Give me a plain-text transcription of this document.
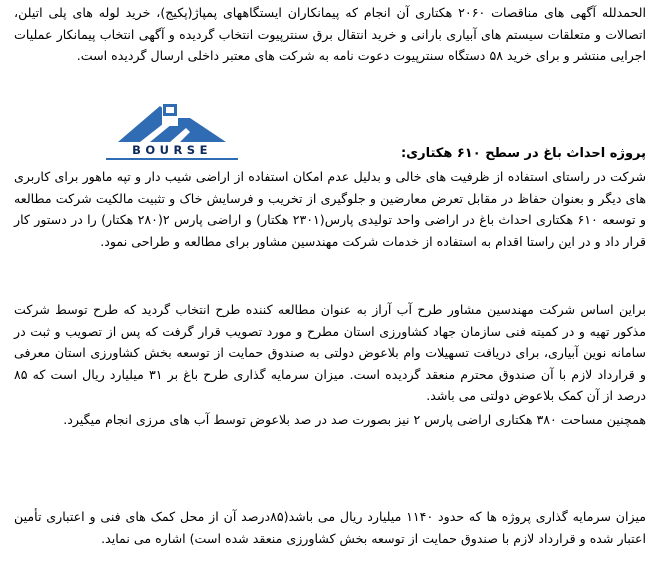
الحمدلله آگهی های مناقصات ۲۰۶۰ هکتاری آن انجام که پیمانکاران ایستگاههای پمپاژ(پکیج)، خرید لوله های پلی اتیلن، اتصالات و متعلقات سیستم های آبیاری بارانی و خرید انتقال برق سنترپیوت انتخاب گردیده و آگهی انتخاب پیمانکار عملیات اجرایی منتشر و برای خرید ۵۸ دستگاه سنترپیوت دعوت نامه به شرکت های معتبر داخلی ارسال گردیده است.
پروژه احداث باغ در سطح ۶۱۰ هکتاری:
شرکت در راستای استفاده از ظرفیت های خالی و بدلیل عدم امکان استفاده از اراضی شیب دار و تپه ماهور برای کاربری های دیگر و بعنوان حفاظ در مقابل تعرض معارضین و جلوگیری از تخریب و فرسایش خاک و تثبیت مالکیت شرکت مطالعه و توسعه ۶۱۰ هکتاری احداث باغ در اراضی واحد تولیدی پارس(۲۳۰۱ هکتار) و اراضی پارس ۲(۲۸۰ هکتار) را در دستور کار قرار داد و در این راستا اقدام به استفاده از خدمات شرکت مهندسین مشاور برای مطالعه و طراحی نمود.
براین اساس شرکت مهندسین مشاور طرح آب آراز به عنوان مطالعه کننده طرح انتخاب گردید که طرح توسط شرکت مذکور تهیه و در کمیته فنی سازمان جهاد کشاورزی استان مطرح و مورد تصویب قرار گرفت که پس از تصویب و ثبت در سامانه نوین آبیاری، برای دریافت تسهیلات وام بلاعوض دولتی به صندوق حمایت از توسعه بخش کشاورزی استان معرفی و قرارداد لازم با آن صندوق محترم منعقد گردیده است. میزان سرمایه گذاری طرح باغ بر ۳۱ میلیارد ریال است که ۸۵ درصد از آن کمک بلاعوض دولتی می باشد.
همچنین مساحت ۳۸۰ هکتاری اراضی پارس ۲ نیز بصورت صد در صد بلاعوض توسط آب های مرزی انجام میگیرد.
میزان سرمایه گذاری پروژه ها که حدود ۱۱۴۰ میلیارد ریال می باشد(۸۵درصد آن از محل کمک های فنی و اعتباری تأمین اعتبار شده و قرارداد لازم با صندوق حمایت از توسعه بخش کشاورزی منعقد شده است) اشاره می نماید.
BOURSE
